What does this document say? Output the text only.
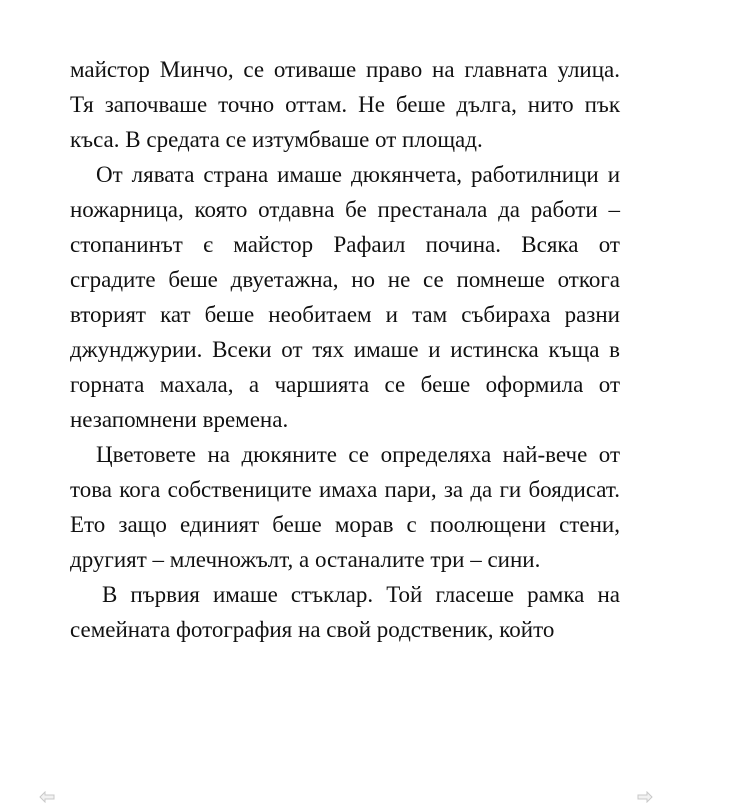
майстор Минчо, се отиваше право на главната улица. Тя започваше точно оттам. Не беше дълга, нито пък къса. В средата се изтумбваше от площад.

От лявата страна имаше дюкянчета, работилници и ножарница, която отдавна бе престанала да работи – стопанинът є майстор Рафаил почина. Всяка от сградите беше двуетажна, но не се помнеше откога вторият кат беше необитаем и там събираха разни джунджурии. Всеки от тях имаше и истинска къща в горната махала, а чаршията се беше оформила от незапомнени времена.

Цветовете на дюкяните се определяха най-вече от това кога собствениците имаха пари, за да ги боядисат. Ето защо единият беше морав с поолющени стени, другият – млечножълт, а останалите три – сини.

В първия имаше стъклар. Той гласеше рамка на семейната фотография на свой родственик, който
